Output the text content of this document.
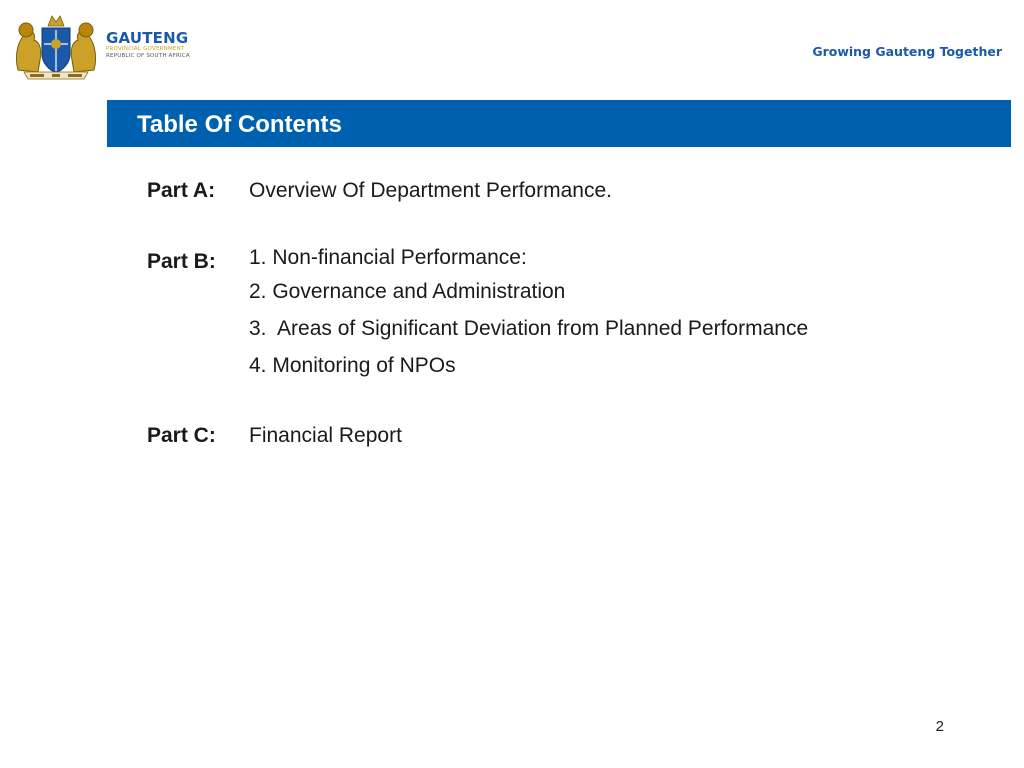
GAUTENG
PROVINCIAL GOVERNMENT
REPUBLIC OF SOUTH AFRICA	Growing Gauteng Together
Table Of Contents
Part A:	Overview Of Department Performance.
Part B:	1. Non-financial Performance:
2. Governance and Administration
3.  Areas of Significant Deviation from Planned Performance
4. Monitoring of NPOs
Part C:	Financial Report
2
